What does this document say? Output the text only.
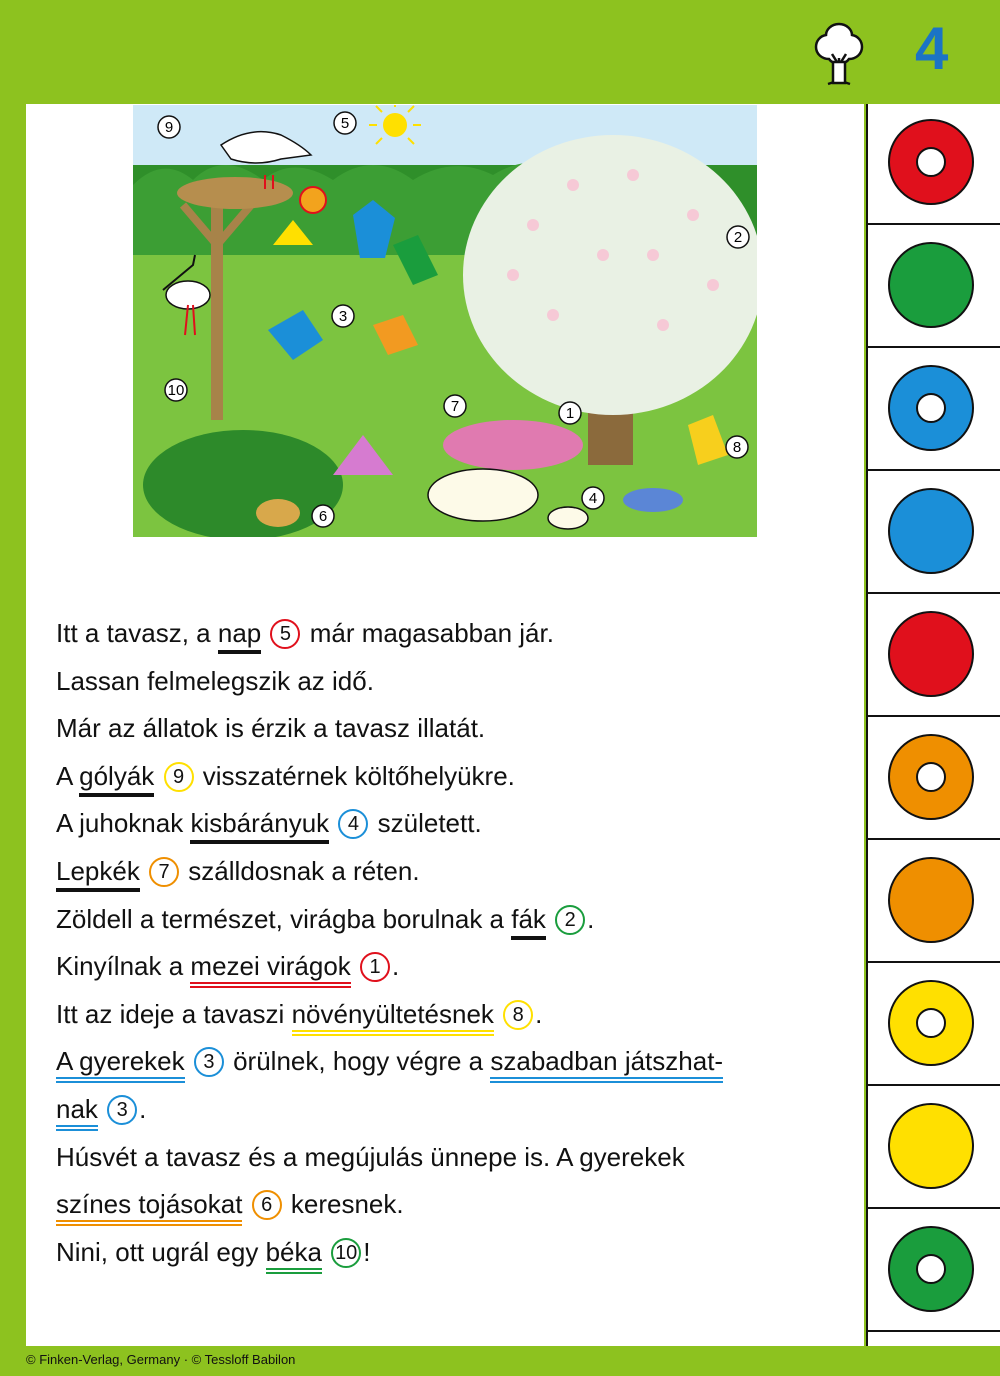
4
9	5
2
3
10
7	1
8
4
6
Itt a tavasz, a nap 5 már magasabban jár.
Lassan felmelegszik az idő.
Már az állatok is érzik a tavasz illatát.
A gólyák 9 visszatérnek költőhelyükre.
A juhoknak kisbárányuk 4 született.
Lepkék 7 szálldosnak a réten.
Zöldell a természet, virágba borulnak a fák 2 .
Kinyílnak a mezei virágok 1 .
Itt az ideje a tavaszi növényültetésnek 8 .
A gyerekek 3 örülnek, hogy végre a szabadban játszhat-
nak 3 .
Húsvét a tavasz és a megújulás ünnepe is. A gyerekek
színes tojásokat 6 keresnek.
Nini, ott ugrál egy béka 10 !
© Finken-Verlag, Germany · © Tessloff Babilon
